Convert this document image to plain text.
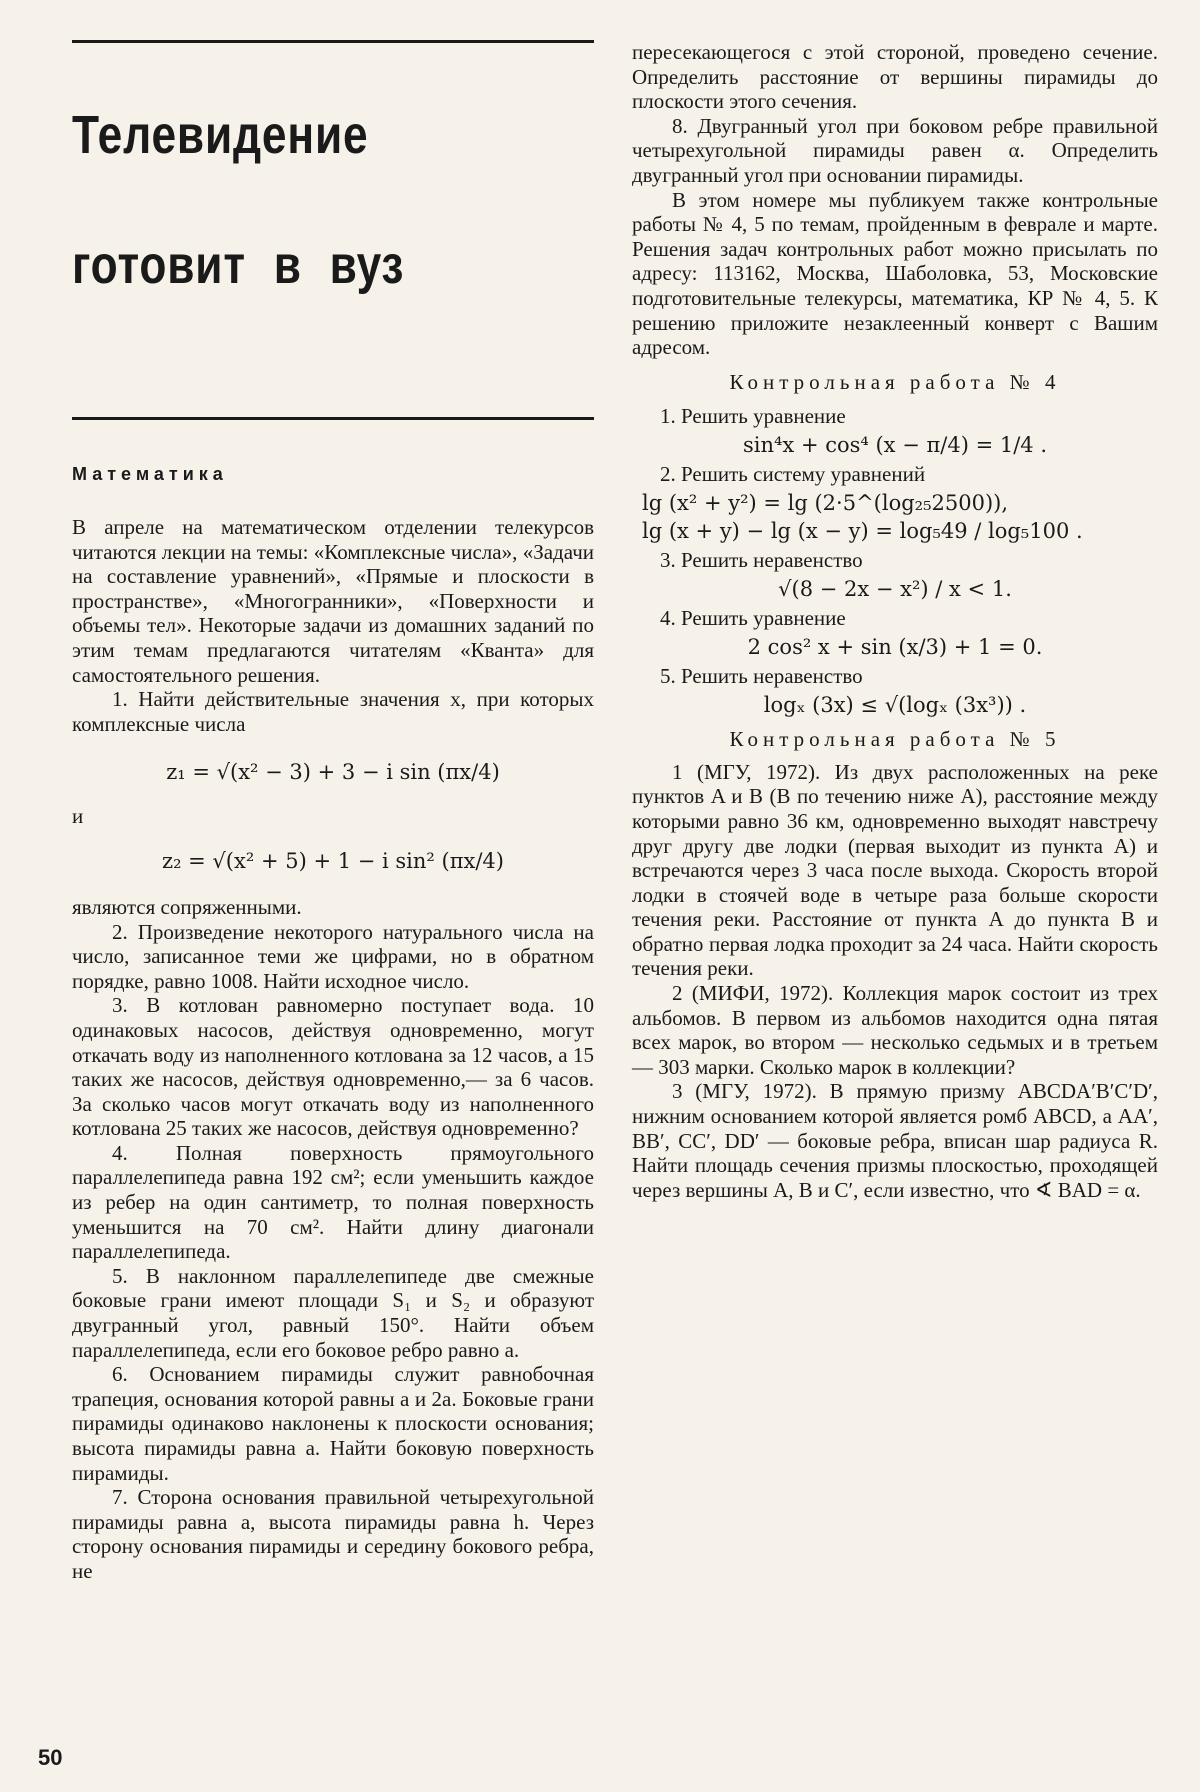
Телевидение
готовит в вуз
Математика

В апреле на математическом отделении телекурсов читаются лекции на темы: «Комплексные числа», «Задачи на составление уравнений», «Прямые и плоскости в пространстве», «Многогранники», «Поверхности и объемы тел». Некоторые задачи из домашних заданий по этим темам предлагаются читателям «Кванта» для самостоятельного решения.

1. Найти действительные значения x, при которых комплексные числа

z₁ = √(x² − 3) + 3 − i sin (πx/4)

и

z₂ = √(x² + 5) + 1 − i sin² (πx/4)

являются сопряженными.

2. Произведение некоторого натурального числа на число, записанное теми же цифрами, но в обратном порядке, равно 1008. Найти исходное число.

3. В котлован равномерно поступает вода. 10 одинаковых насосов, действуя одновременно, могут откачать воду из наполненного котлована за 12 часов, а 15 таких же насосов, действуя одновременно,— за 6 часов. За сколько часов могут откачать воду из наполненного котлована 25 таких же насосов, действуя одновременно?

4. Полная поверхность прямоугольного параллелепипеда равна 192 см²; если уменьшить каждое из ребер на один сантиметр, то полная поверхность уменьшится на 70 см². Найти длину диагонали параллелепипеда.

5. В наклонном параллелепипеде две смежные боковые грани имеют площади S₁ и S₂ и образуют двугранный угол, равный 150°. Найти объем параллелепипеда, если его боковое ребро равно a.

6. Основанием пирамиды служит равнобочная трапеция, основания которой равны a и 2a. Боковые грани пирамиды одинаково наклонены к плоскости основания; высота пирамиды равна a. Найти боковую поверхность пирамиды.

7. Сторона основания правильной четырехугольной пирамиды равна a, высота пирамиды равна h. Через сторону основания пирамиды и середину бокового ребра, не

пересекающегося с этой стороной, проведено сечение. Определить расстояние от вершины пирамиды до плоскости этого сечения.

8. Двугранный угол при боковом ребре правильной четырехугольной пирамиды равен α. Определить двугранный угол при основании пирамиды.

В этом номере мы публикуем также контрольные работы № 4, 5 по темам, пройденным в феврале и марте. Решения задач контрольных работ можно присылать по адресу: 113162, Москва, Шаболовка, 53, Московские подготовительные телекурсы, математика, КР № 4, 5. К решению приложите незаклеенный конверт с Вашим адресом.

Контрольная работа № 4
1. Решить уравнение
sin⁴x + cos⁴ (x − π/4) = 1/4 .
2. Решить систему уравнений
lg (x² + y²) = lg (2·5^(log₂₅2500)),
lg (x + y) − lg (x − y) = log₅49 / log₅100 .
3. Решить неравенство
√(8 − 2x − x²) / x < 1.
4. Решить уравнение
2 cos² x + sin (x/3) + 1 = 0.
5. Решить неравенство
logₓ (3x) ≤ √(logₓ (3x³)) .
Контрольная работа № 5

1 (МГУ, 1972). Из двух расположенных на реке пунктов A и B (B по течению ниже A), расстояние между которыми равно 36 км, одновременно выходят навстречу друг другу две лодки (первая выходит из пункта A) и встречаются через 3 часа после выхода. Скорость второй лодки в стоячей воде в четыре раза больше скорости течения реки. Расстояние от пункта A до пункта B и обратно первая лодка проходит за 24 часа. Найти скорость течения реки.

2 (МИФИ, 1972). Коллекция марок состоит из трех альбомов. В первом из альбомов находится одна пятая всех марок, во втором — несколько седьмых и в третьем — 303 марки. Сколько марок в коллекции?

3 (МГУ, 1972). В прямую призму ABCDA′B′C′D′, нижним основанием которой является ромб ABCD, а AA′, BB′, CC′, DD′ — боковые ребра, вписан шар радиуса R. Найти площадь сечения призмы плоскостью, проходящей через вершины A, B и C′, если известно, что ∢ BAD = α.

50
